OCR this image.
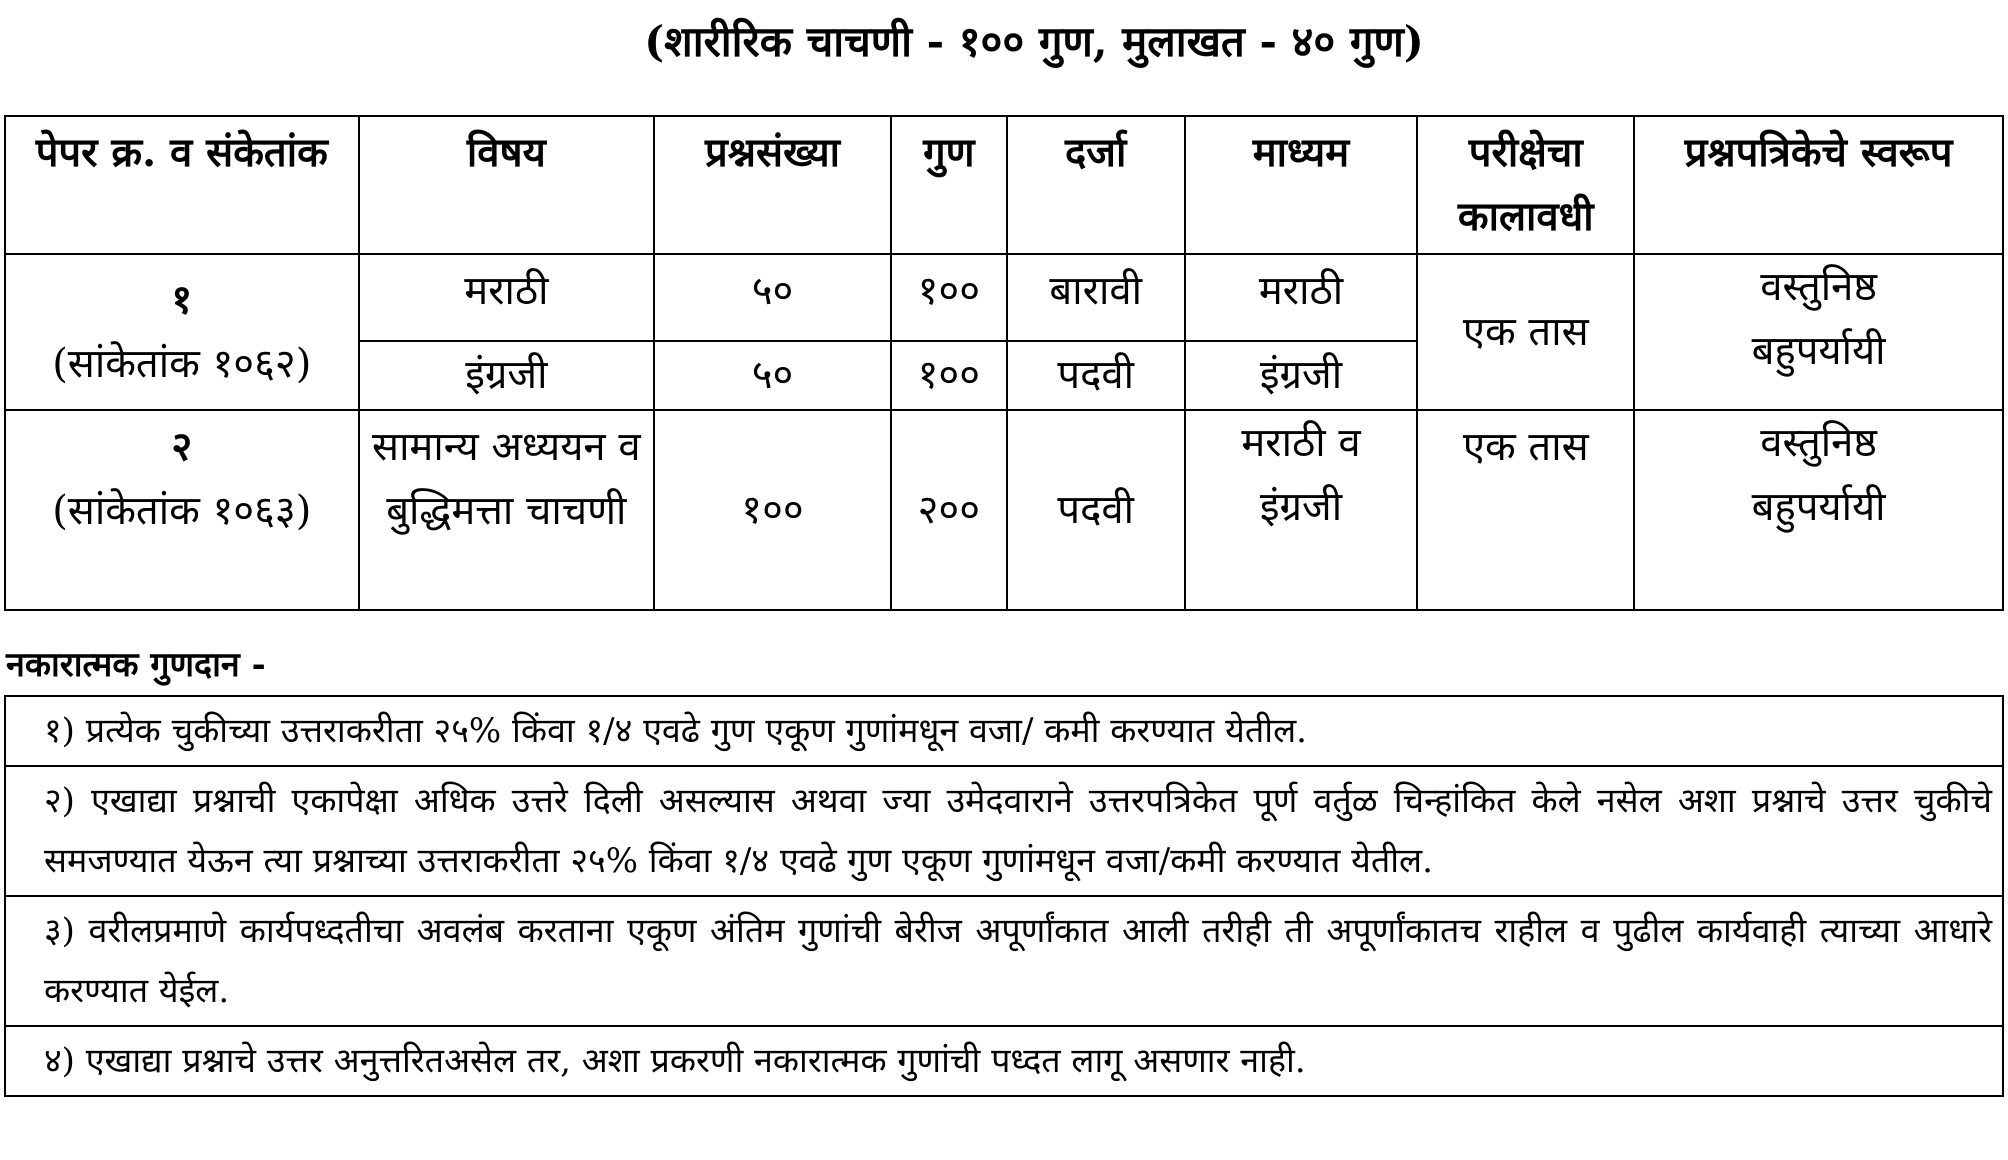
(शारीरिक चाचणी - १०० गुण, मुलाखत - ४० गुण)
पेपर क्र. व संकेतांक	विषय	प्रश्नसंख्या	गुण	दर्जा	माध्यम	परीक्षेचा कालावधी	प्रश्नपत्रिकेचे स्वरूप
१
(सांकेतांक १०६२)	मराठी	५०	१००	बारावी	मराठी	एक तास	वस्तुनिष्ठ बहुपर्यायी
	इंग्रजी	५०	१००	पदवी	इंग्रजी		
२
(सांकेतांक १०६३)	सामान्य अध्ययन व बुद्धिमत्ता चाचणी	१००	२००	पदवी	मराठी व इंग्रजी	एक तास	वस्तुनिष्ठ बहुपर्यायी
नकारात्मक गुणदान -
१) प्रत्येक चुकीच्या उत्तराकरीता २५% किंवा १/४ एवढे गुण एकूण गुणांमधून वजा/ कमी करण्यात येतील.
२) एखाद्या प्रश्नाची एकापेक्षा अधिक उत्तरे दिली असल्यास अथवा ज्या उमेदवाराने उत्तरपत्रिकेत पूर्ण वर्तुळ चिन्हांकित केले नसेल अशा प्रश्नाचे उत्तर चुकीचे समजण्यात येऊन त्या प्रश्नाच्या उत्तराकरीता २५% किंवा १/४ एवढे गुण एकूण गुणांमधून वजा/कमी करण्यात येतील.
३) वरीलप्रमाणे कार्यपध्दतीचा अवलंब करताना एकूण अंतिम गुणांची बेरीज अपूर्णांकात आली तरीही ती अपूर्णांकातच राहील व पुढील कार्यवाही त्याच्या आधारे करण्यात येईल.
४) एखाद्या प्रश्नाचे उत्तर अनुत्तरितअसेल तर, अशा प्रकरणी नकारात्मक गुणांची पध्दत लागू असणार नाही.
